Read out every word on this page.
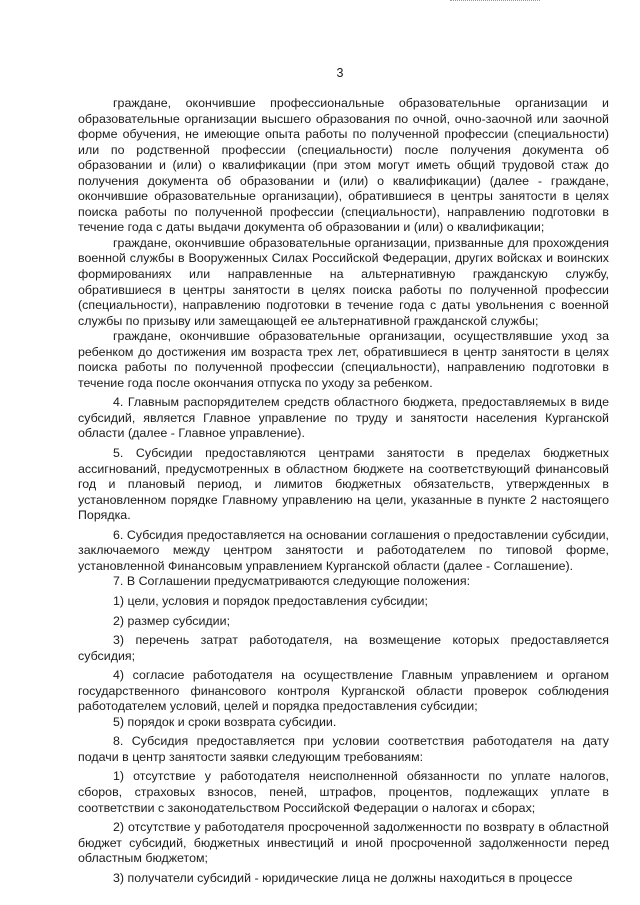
3

граждане, окончившие профессиональные образовательные организации и образовательные организации высшего образования по очной, очно-заочной или заочной форме обучения, не имеющие опыта работы по полученной профессии (специальности) или по родственной профессии (специальности) после получения документа об образовании и (или) о квалификации (при этом могут иметь общий трудовой стаж до получения документа об образовании и (или) о квалификации) (далее - граждане, окончившие образовательные организации), обратившиеся в центры занятости в целях поиска работы по полученной профессии (специальности), направлению подготовки в течение года с даты выдачи документа об образовании и (или) о квалификации;

граждане, окончившие образовательные организации, призванные для прохождения военной службы в Вооруженных Силах Российской Федерации, других войсках и воинских формированиях или направленные на альтернативную гражданскую службу, обратившиеся в центры занятости в целях поиска работы по полученной профессии (специальности), направлению подготовки в течение года с даты увольнения с военной службы по призыву или замещающей ее альтернативной гражданской службы;

граждане, окончившие образовательные организации, осуществлявшие уход за ребенком до достижения им возраста трех лет, обратившиеся в центр занятости в целях поиска работы по полученной профессии (специальности), направлению подготовки в течение года после окончания отпуска по уходу за ребенком.

4. Главным распорядителем средств областного бюджета, предоставляемых в виде субсидий, является Главное управление по труду и занятости населения Курганской области (далее - Главное управление).

5. Субсидии предоставляются центрами занятости в пределах бюджетных ассигнований, предусмотренных в областном бюджете на соответствующий финансовый год и плановый период, и лимитов бюджетных обязательств, утвержденных в установленном порядке Главному управлению на цели, указанные в пункте 2 настоящего Порядка.

6. Субсидия предоставляется на основании соглашения о предоставлении субсидии, заключаемого между центром занятости и работодателем по типовой форме, установленной Финансовым управлением Курганской области (далее - Соглашение).

7. В Соглашении предусматриваются следующие положения:

1) цели, условия и порядок предоставления субсидии;

2) размер субсидии;

3) перечень затрат работодателя, на возмещение которых предоставляется субсидия;

4) согласие работодателя на осуществление Главным управлением и органом государственного финансового контроля Курганской области проверок соблюдения работодателем условий, целей и порядка предоставления субсидии;

5) порядок и сроки возврата субсидии.

8. Субсидия предоставляется при условии соответствия работодателя на дату подачи в центр занятости заявки следующим требованиям:

1) отсутствие у работодателя неисполненной обязанности по уплате налогов, сборов, страховых взносов, пеней, штрафов, процентов, подлежащих уплате в соответствии с законодательством Российской Федерации о налогах и сборах;

2) отсутствие у работодателя просроченной задолженности по возврату в областной бюджет субсидий, бюджетных инвестиций и иной просроченной задолженности перед областным бюджетом;

3) получатели субсидий - юридические лица не должны находиться в процессе
